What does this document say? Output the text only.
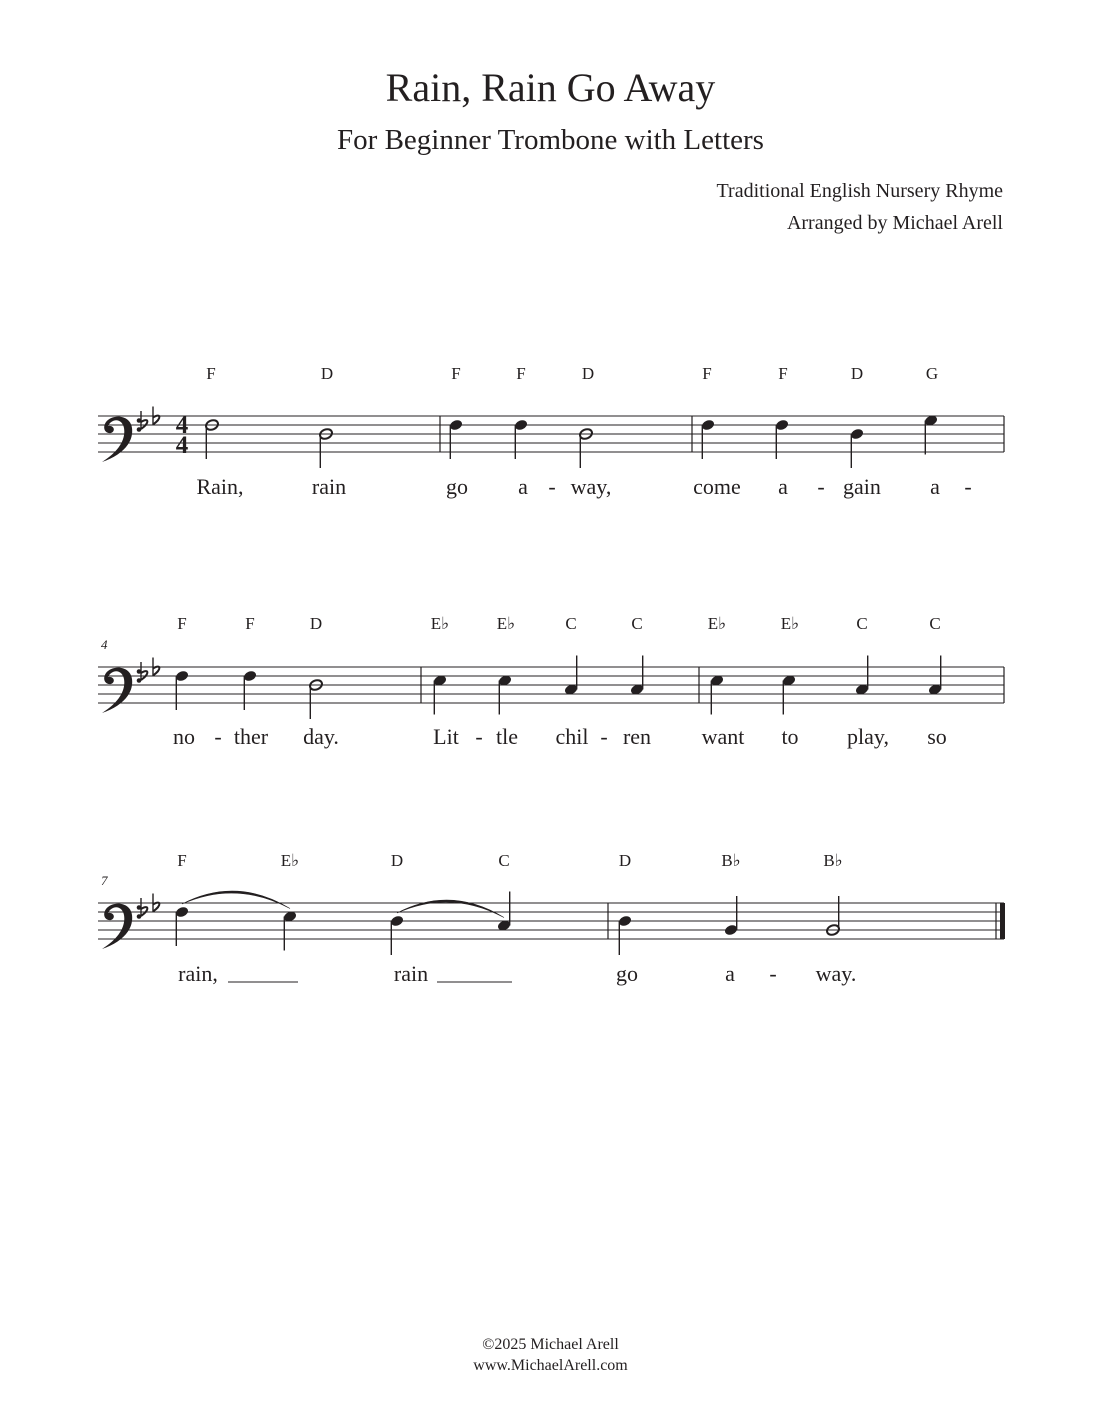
Rain, Rain Go Away
For Beginner Trombone with Letters
Traditional English Nursery Rhyme
Arranged by Michael Arell
F	D	F	F	D	F	F	D	G
Rain,	rain	go a - way,	come a - gain a -
4
4
4
F	F	D	E♭	E♭	C	C	E♭	E♭	C	C
no - ther day.	Lit - tle chil - ren want to play, so
7
F	E♭	D	C	D	B♭	B♭
rain,	rain	go	a - way.
©2025 Michael Arell
www.MichaelArell.com
